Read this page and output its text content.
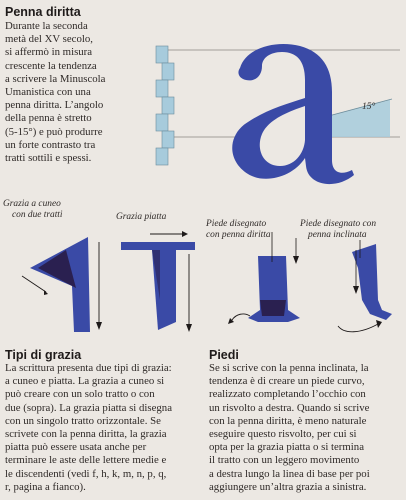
Penna diritta
Durante la seconda
metà del XV secolo,
si affermò in misura
crescente la tendenza
a scrivere la Minuscola
Umanistica con una
penna diritta. L’angolo
della penna è stretto
(5-15°) e può produrre
un forte contrasto tra
tratti sottili e spessi.
15°
Grazia a cuneo
con due tratti	Grazia piatta
Piede disegnato
con penna diritta
Piede disegnato con
penna inclinata
Tipi di grazia
La scrittura presenta due tipi di grazia:
a cuneo e piatta. La grazia a cuneo si
può creare con un solo tratto o con
due (sopra). La grazia piatta si disegna
con un singolo tratto orizzontale. Se
scrivete con la penna diritta, la grazia
piatta può essere usata anche per
terminare le aste delle lettere medie e
le discendenti (vedi f, h, k, m, n, p, q,
r, pagina a fianco).
Piedi
Se si scrive con la penna inclinata, la
tendenza è di creare un piede curvo,
realizzato completando l’occhio con
un risvolto a destra. Quando si scrive
con la penna diritta, è meno naturale
eseguire questo risvolto, per cui si
opta per la grazia piatta o si termina
il tratto con un leggero movimento
a destra lungo la linea di base per poi
aggiungere un’altra grazia a sinistra.
